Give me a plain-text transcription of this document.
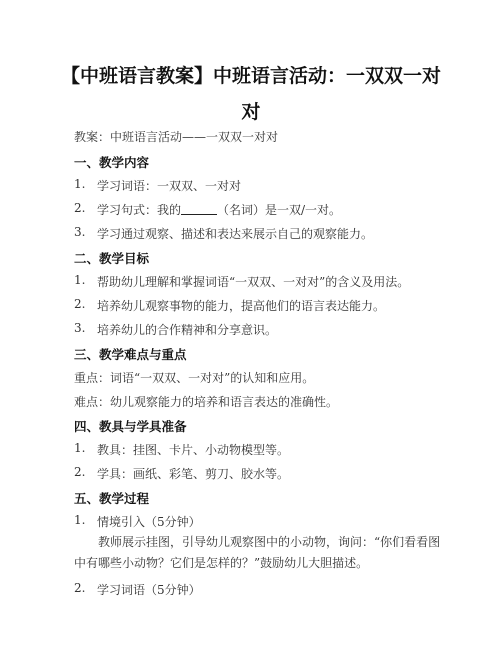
【中班语言教案】中班语言活动：一双双一对对
教案：中班语言活动——一双双一对对
一、教学内容
1. 学习词语：一双双、一对对
2. 学习句式：我的	（名词）是一双/一对。
3. 学习通过观察、描述和表达来展示自己的观察能力。
二、教学目标
1. 帮助幼儿理解和掌握词语“一双双、一对对”的含义及用法。
2. 培养幼儿观察事物的能力，提高他们的语言表达能力。
3. 培养幼儿的合作精神和分享意识。
三、教学难点与重点
重点：词语“一双双、一对对”的认知和应用。
难点：幼儿观察能力的培养和语言表达的准确性。
四、教具与学具准备
1. 教具：挂图、卡片、小动物模型等。
2. 学具：画纸、彩笔、剪刀、胶水等。
五、教学过程
1. 情境引入（5分钟）
教师展示挂图，引导幼儿观察图中的小动物，询问：“你们看看图中有哪些小动物？它们是怎样的？”鼓励幼儿大胆描述。
2. 学习词语（5分钟）
